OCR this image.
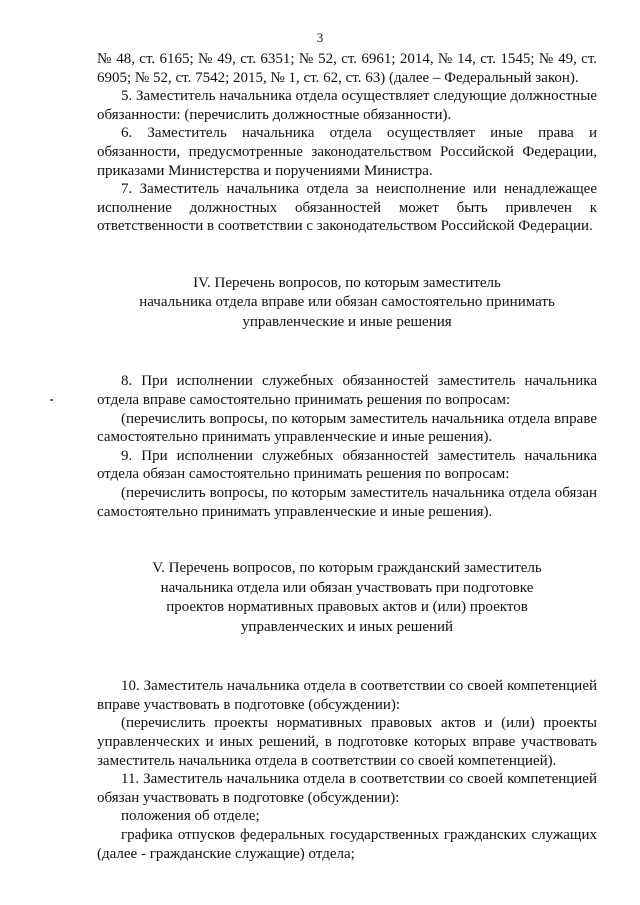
3

№ 48, ст. 6165; № 49, ст. 6351; № 52, ст. 6961; 2014, № 14, ст. 1545; № 49, ст. 6905; № 52, ст. 7542; 2015, № 1, ст. 62, ст. 63) (далее – Федеральный закон).

5. Заместитель начальника отдела осуществляет следующие должностные обязанности: (перечислить должностные обязанности).

6. Заместитель начальника отдела осуществляет иные права и обязанности, предусмотренные законодательством Российской Федерации, приказами Министерства и поручениями Министра.

7. Заместитель начальника отдела за неисполнение или ненадлежащее исполнение должностных обязанностей может быть привлечен к ответственности в соответствии с законодательством Российской Федерации.

IV. Перечень вопросов, по которым заместитель
начальника отдела вправе или обязан самостоятельно принимать
управленческие и иные решения

8. При исполнении служебных обязанностей заместитель начальника отдела вправе самостоятельно принимать решения по вопросам:

(перечислить вопросы, по которым заместитель начальника отдела вправе самостоятельно принимать управленческие и иные решения).

9. При исполнении служебных обязанностей заместитель начальника отдела обязан самостоятельно принимать решения по вопросам:

(перечислить вопросы, по которым заместитель начальника отдела обязан самостоятельно принимать управленческие и иные решения).

V. Перечень вопросов, по которым гражданский заместитель
начальника отдела или обязан участвовать при подготовке
проектов нормативных правовых актов и (или) проектов
управленческих и иных решений

10. Заместитель начальника отдела в соответствии со своей компетенцией вправе участвовать в подготовке (обсуждении):

(перечислить проекты нормативных правовых актов и (или) проекты управленческих и иных решений, в подготовке которых вправе участвовать заместитель начальника отдела в соответствии со своей компетенцией).

11. Заместитель начальника отдела в соответствии со своей компетенцией обязан участвовать в подготовке (обсуждении):

положения об отделе;

графика отпусков федеральных государственных гражданских служащих (далее - гражданские служащие) отдела;
